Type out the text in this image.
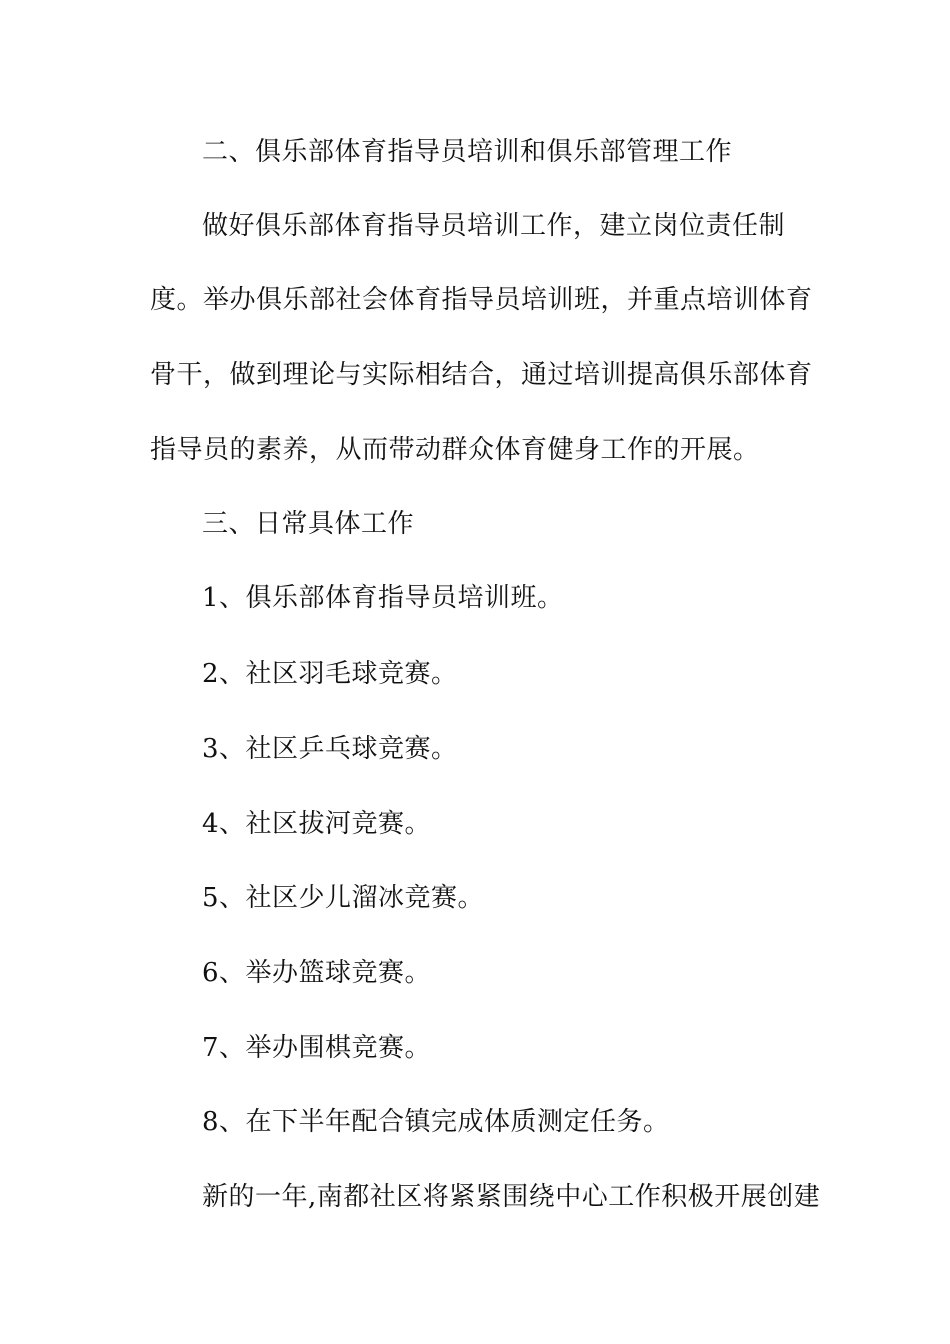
二、俱乐部体育指导员培训和俱乐部管理工作
做好俱乐部体育指导员培训工作，建立岗位责任制
度。举办俱乐部社会体育指导员培训班，并重点培训体育
骨干，做到理论与实际相结合，通过培训提高俱乐部体育
指导员的素养，从而带动群众体育健身工作的开展。
三、日常具体工作
1、俱乐部体育指导员培训班。
2、社区羽毛球竞赛。
3、社区乒乓球竞赛。
4、社区拔河竞赛。
5、社区少儿溜冰竞赛。
6、举办篮球竞赛。
7、举办围棋竞赛。
8、在下半年配合镇完成体质测定任务。
新的一年,南都社区将紧紧围绕中心工作积极开展创建
